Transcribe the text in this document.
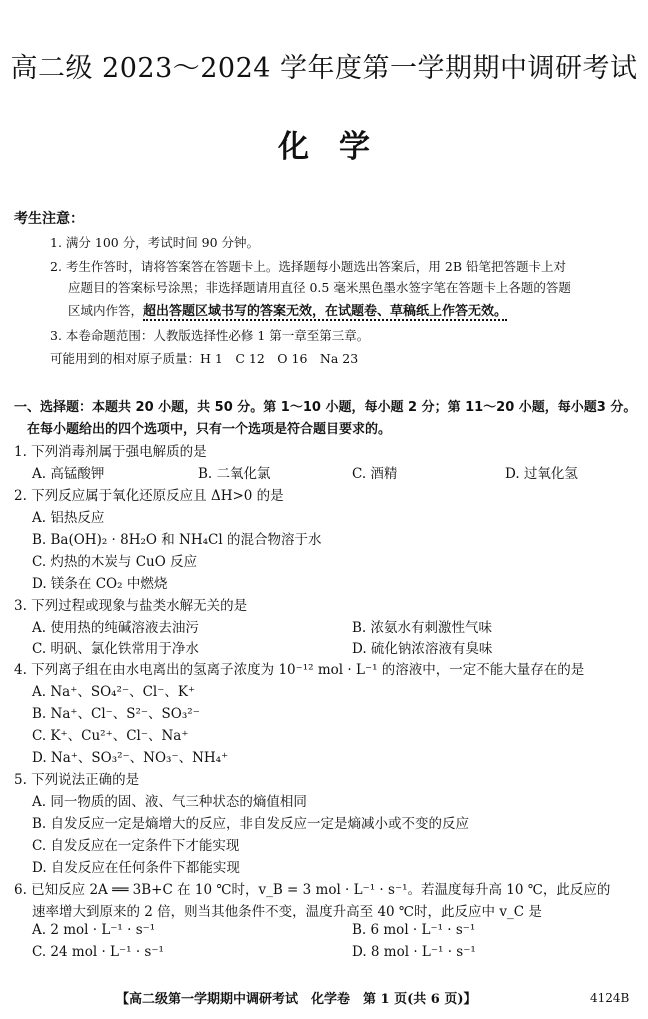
高二级 2023～2024 学年度第一学期期中调研考试
化学
考生注意：
1. 满分 100 分，考试时间 90 分钟。
2. 考生作答时，请将答案答在答题卡上。选择题每小题选出答案后，用 2B 铅笔把答题卡上对
应题目的答案标号涂黑；非选择题请用直径 0.5 毫米黑色墨水签字笔在答题卡上各题的答题
区域内作答，超出答题区域书写的答案无效，在试题卷、草稿纸上作答无效。
3. 本卷命题范围：人教版选择性必修 1 第一章至第三章。
可能用到的相对原子质量：H 1　C 12　O 16　Na 23
一、选择题：本题共 20 小题，共 50 分。第 1～10 小题，每小题 2 分；第 11～20 小题，每小题3 分。
　在每小题给出的四个选项中，只有一个选项是符合题目要求的。
1. 下列消毒剂属于强电解质的是
A. 高锰酸钾	B. 二氧化氯	C. 酒精	D. 过氧化氢
2. 下列反应属于氧化还原反应且 ΔH>0 的是
A. 铝热反应
B. Ba(OH)₂ · 8H₂O 和 NH₄Cl 的混合物溶于水
C. 灼热的木炭与 CuO 反应
D. 镁条在 CO₂ 中燃烧
3. 下列过程或现象与盐类水解无关的是
A. 使用热的纯碱溶液去油污	B. 浓氨水有刺激性气味
C. 明矾、氯化铁常用于净水	D. 硫化钠浓溶液有臭味
4. 下列离子组在由水电离出的氢离子浓度为 10⁻¹² mol · L⁻¹ 的溶液中，一定不能大量存在的是
A. Na⁺、SO₄²⁻、Cl⁻、K⁺
B. Na⁺、Cl⁻、S²⁻、SO₃²⁻
C. K⁺、Cu²⁺、Cl⁻、Na⁺
D. Na⁺、SO₃²⁻、NO₃⁻、NH₄⁺
5. 下列说法正确的是
A. 同一物质的固、液、气三种状态的熵值相同
B. 自发反应一定是熵增大的反应，非自发反应一定是熵减小或不变的反应
C. 自发反应在一定条件下才能实现
D. 自发反应在任何条件下都能实现
6. 已知反应 2A ══ 3B+C 在 10 ℃时，v_B = 3 mol · L⁻¹ · s⁻¹。若温度每升高 10 ℃，此反应的
速率增大到原来的 2 倍，则当其他条件不变，温度升高至 40 ℃时，此反应中 v_C 是
A. 2 mol · L⁻¹ · s⁻¹	B. 6 mol · L⁻¹ · s⁻¹
C. 24 mol · L⁻¹ · s⁻¹	D. 8 mol · L⁻¹ · s⁻¹
【高二级第一学期期中调研考试　化学卷　第 1 页(共 6 页)】	4124B
